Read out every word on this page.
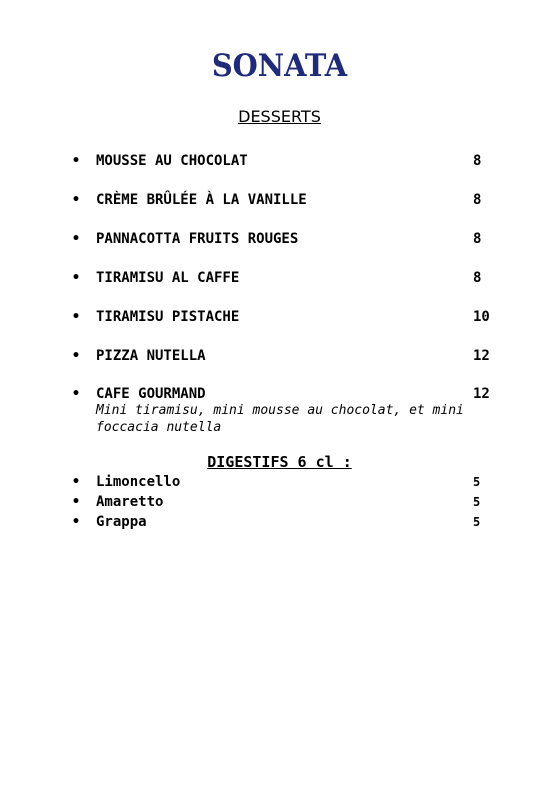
SONATA
DESSERTS
• MOUSSE AU CHOCOLAT	8
• CRÈME BRÛLÉE À LA VANILLE	8
• PANNACOTTA FRUITS ROUGES	8
• TIRAMISU AL CAFFE	8
• TIRAMISU PISTACHE	10
• PIZZA NUTELLA	12
• CAFE GOURMAND	12
Mini tiramisu, mini mousse au chocolat, et mini foccacia nutella
DIGESTIFS 6 cl :
• Limoncello	5
• Amaretto	5
• Grappa	5
